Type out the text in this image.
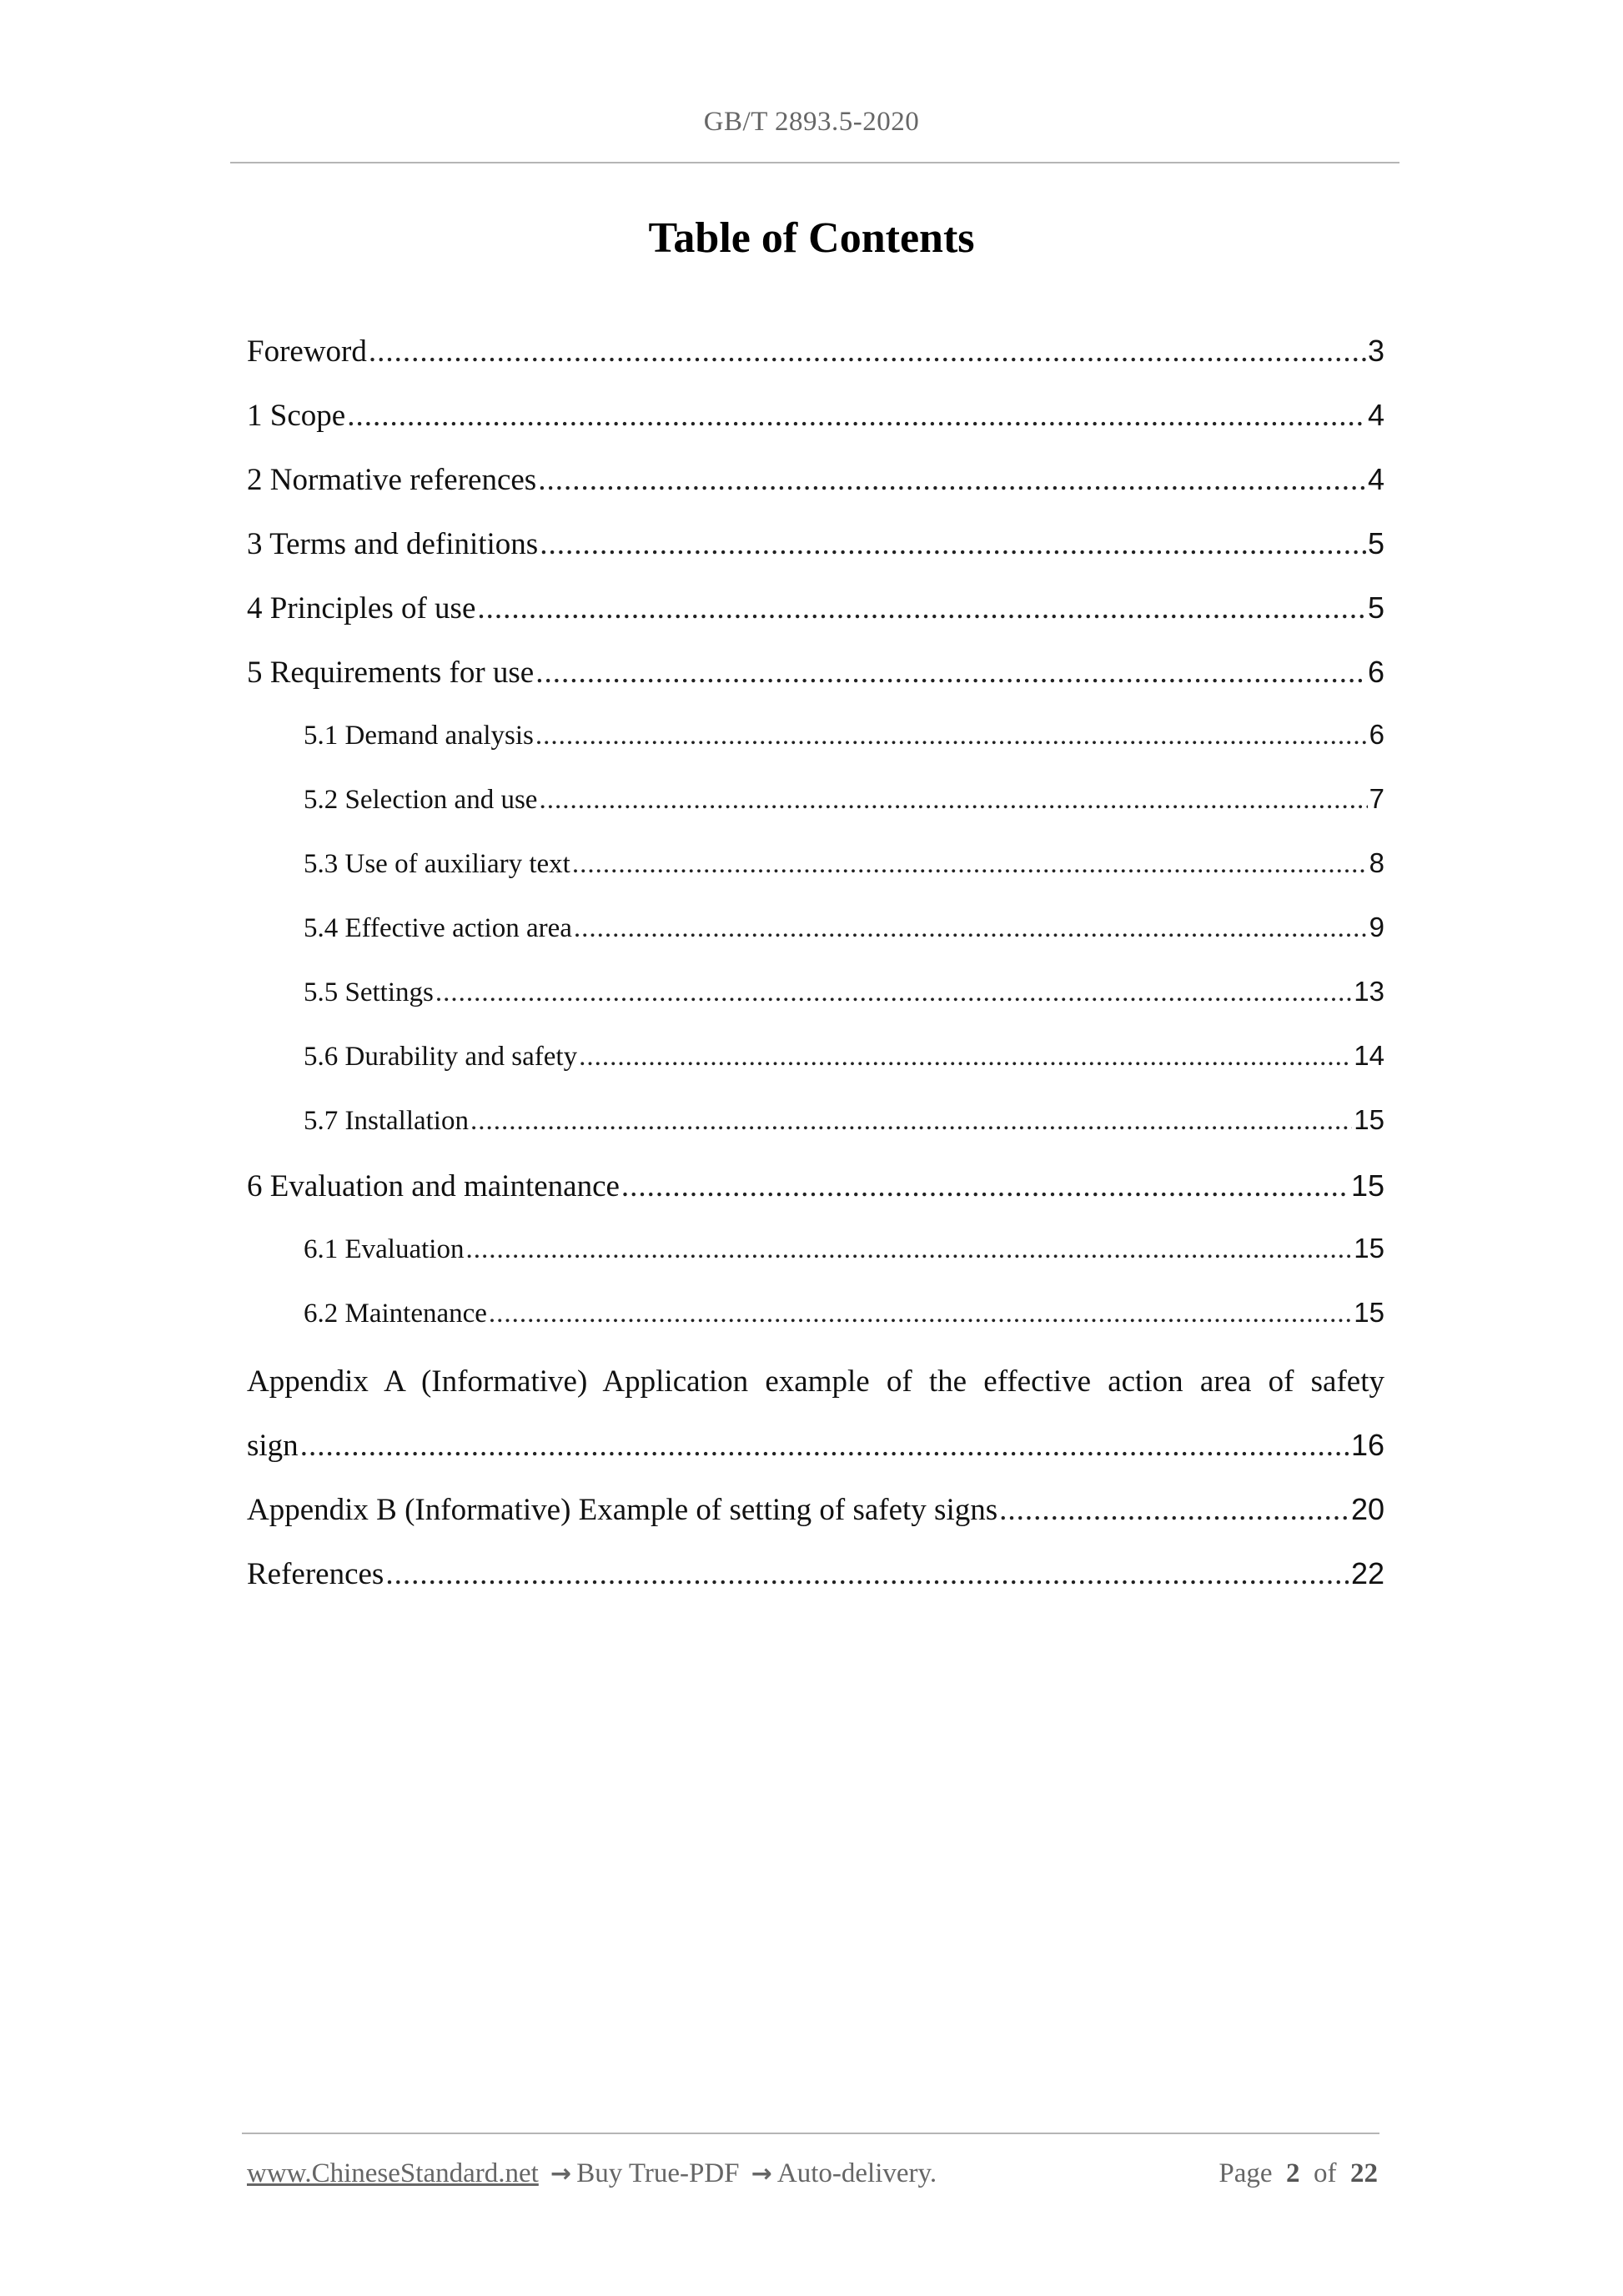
GB/T 2893.5-2020
Table of Contents
Foreword .....	3
1 Scope .....	4
2 Normative references .....	4
3 Terms and definitions .....	5
4 Principles of use .....	5
5 Requirements for use .....	6
5.1 Demand analysis .....	6
5.2 Selection and use .....	7
5.3 Use of auxiliary text .....	8
5.4 Effective action area .....	9
5.5 Settings .....	13
5.6 Durability and safety .....	14
5.7 Installation .....	15
6 Evaluation and maintenance .....	15
6.1 Evaluation .....	15
6.2 Maintenance .....	15
Appendix A (Informative) Application example of the effective action area of safety
sign .....	16
Appendix B (Informative) Example of setting of safety signs .....	20
References .....	22
www.ChineseStandard.net → Buy True-PDF → Auto-delivery.	Page 2 of 22
